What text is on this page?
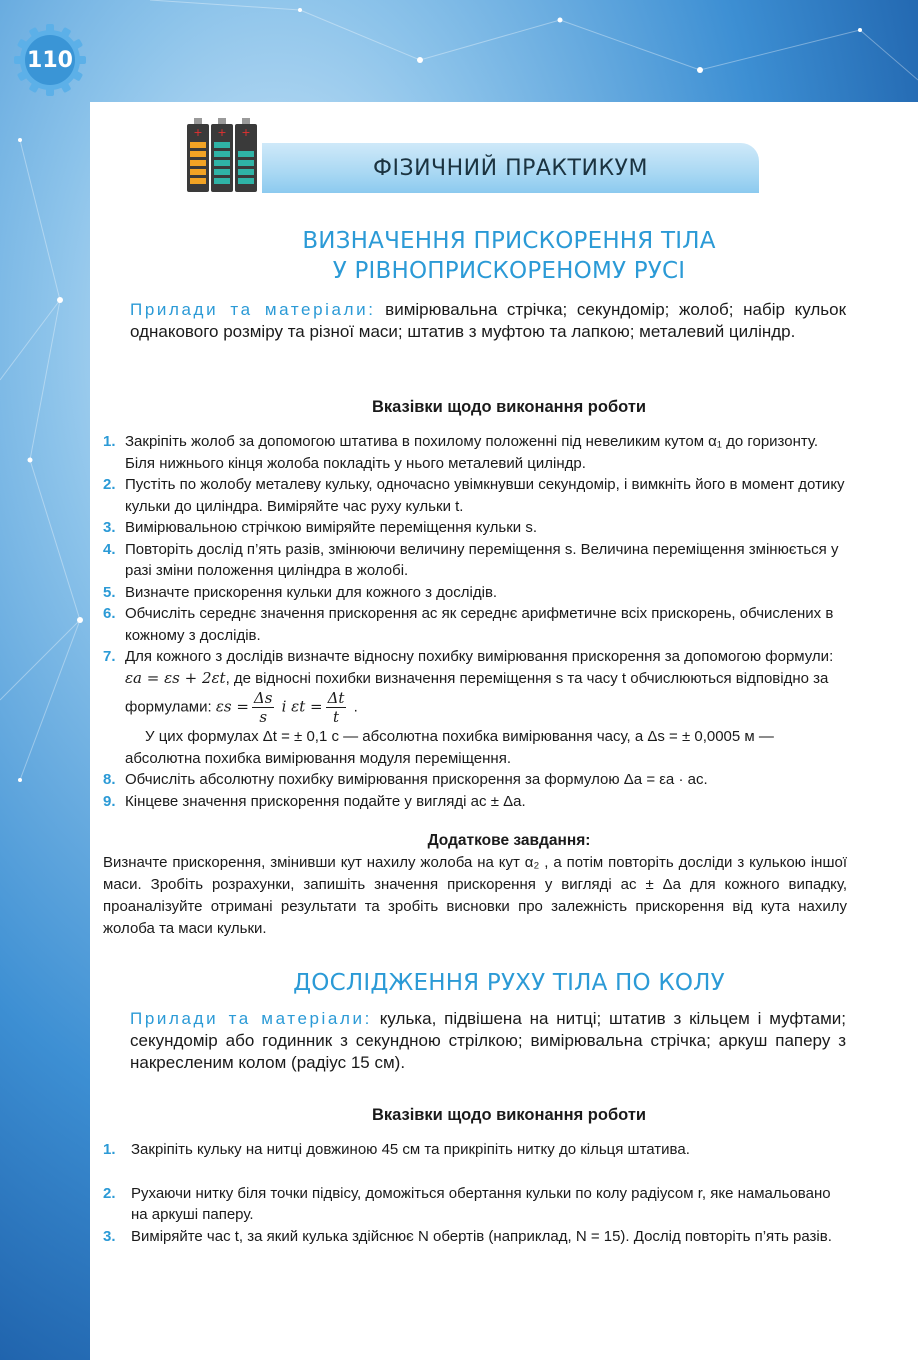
110
+ + +
ФІЗИЧНИЙ ПРАКТИКУМ
ВИЗНАЧЕННЯ ПРИСКОРЕННЯ ТІЛА
У РІВНОПРИСКОРЕНОМУ РУСІ
Прилади та матеріали: вимірювальна стрічка; секундомір; жолоб; набір кульок однакового розміру та різної маси; штатив з муфтою та лапкою; металевий циліндр.
Вказівки щодо виконання роботи
1. Закріпіть жолоб за допомогою штатива в похилому положенні під невеликим кутом α₁ до горизонту. Біля нижнього кінця жолоба покладіть у нього металевий циліндр.
2. Пустіть по жолобу металеву кульку, одночасно увімкнувши секундомір, і вимкніть його в момент дотику кульки до циліндра. Виміряйте час руху кульки t.
3. Вимірювальною стрічкою виміряйте переміщення кульки s.
4. Повторіть дослід п’ять разів, змінюючи величину переміщення s. Величина переміщення змінюється у разі зміни положення циліндра в жолобі.
5. Визначте прискорення кульки для кожного з дослідів.
6. Обчисліть середнє значення прискорення aс як середнє арифметичне всіх прискорень, обчислених в кожному з дослідів.
7. Для кожного з дослідів визначте відносну похибку вимірювання прискорення за допомогою формули: εa = εs + 2εt, де відносні похибки визначення переміщення s та часу t обчислюються відповідно за формулами: $\varepsilon s = \frac{\Delta s}{s}$ і $\varepsilon t = \frac{\Delta t}{t}$ .
У цих формулах Δt = ± 0,1 с — абсолютна похибка вимірювання часу, а Δs = ± 0,0005 м — абсолютна похибка вимірювання модуля переміщення.
8. Обчисліть абсолютну похибку вимірювання прискорення за формулою Δa = εa · aс.
9. Кінцеве значення прискорення подайте у вигляді aс ± Δa.
Додаткове завдання:
Визначте прискорення, змінивши кут нахилу жолоба на кут α₂ , а потім повторіть досліди з кулькою іншої маси. Зробіть розрахунки, запишіть значення прискорення у вигляді aс ± Δa для кожного випадку, проаналізуйте отримані результати та зробіть висновки про залежність прискорення від кута нахилу жолоба та маси кульки.
ДОСЛІДЖЕННЯ РУХУ ТІЛА ПО КОЛУ
Прилади та матеріали: кулька, підвішена на нитці; штатив з кільцем і муфтами; секундомір або годинник з секундною стрілкою; вимірювальна стрічка; аркуш паперу з накресленим колом (радіус 15 см).
Вказівки щодо виконання роботи
1. Закріпіть кульку на нитці довжиною 45 см та прикріпіть нитку до кільця штатива.
2. Рухаючи нитку біля точки підвісу, доможіться обертання кульки по колу радіусом r, яке намальовано на аркуші паперу.
3. Виміряйте час t, за який кулька здійснює N обертів (наприклад, N = 15). Дослід повторіть п’ять разів.
